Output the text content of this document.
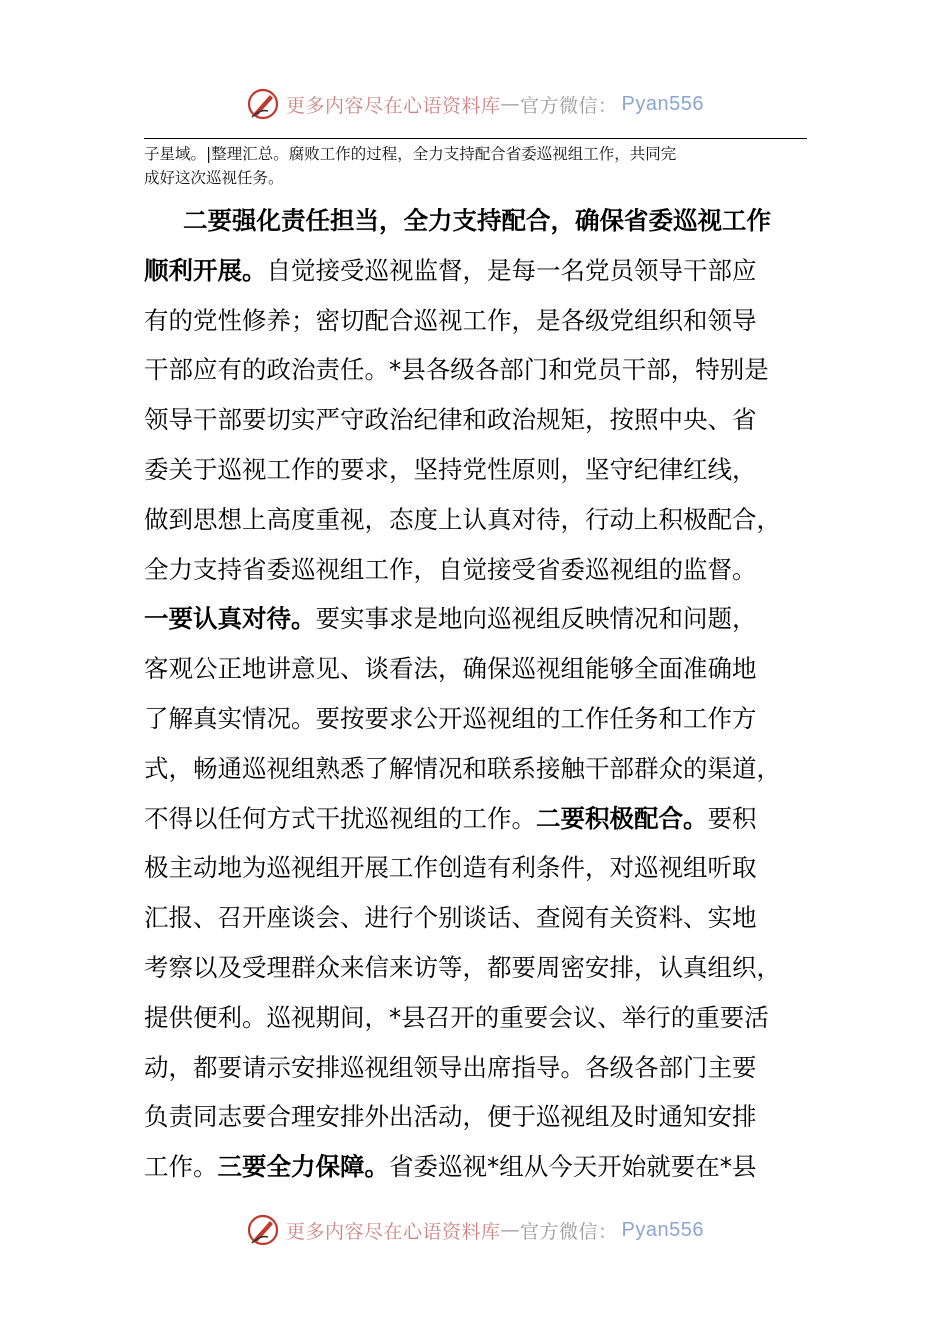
更多内容尽在心语资料库 — 官方微信： Pyan556

子星域。|整理汇总。腐败工作的过程，全力支持配合省委巡视组工作，共同完

成好这次巡视任务。

二要强化责任担当，全力支持配合，确保省委巡视工作
顺利开展。自觉接受巡视监督，是每一名党员领导干部应
有的党性修养；密切配合巡视工作，是各级党组织和领导
干部应有的政治责任。*县各级各部门和党员干部，特别是
领导干部要切实严守政治纪律和政治规矩，按照中央、省
委关于巡视工作的要求，坚持党性原则，坚守纪律红线，
做到思想上高度重视，态度上认真对待，行动上积极配合，
全力支持省委巡视组工作，自觉接受省委巡视组的监督。
一要认真对待。要实事求是地向巡视组反映情况和问题，
客观公正地讲意见、谈看法，确保巡视组能够全面准确地
了解真实情况。要按要求公开巡视组的工作任务和工作方
式，畅通巡视组熟悉了解情况和联系接触干部群众的渠道，
不得以任何方式干扰巡视组的工作。二要积极配合。要积
极主动地为巡视组开展工作创造有利条件，对巡视组听取
汇报、召开座谈会、进行个别谈话、查阅有关资料、实地
考察以及受理群众来信来访等，都要周密安排，认真组织，
提供便利。巡视期间，*县召开的重要会议、举行的重要活
动，都要请示安排巡视组领导出席指导。各级各部门主要
负责同志要合理安排外出活动，便于巡视组及时通知安排
工作。三要全力保障。省委巡视*组从今天开始就要在*县
更多内容尽在心语资料库 — 官方微信： Pyan556
